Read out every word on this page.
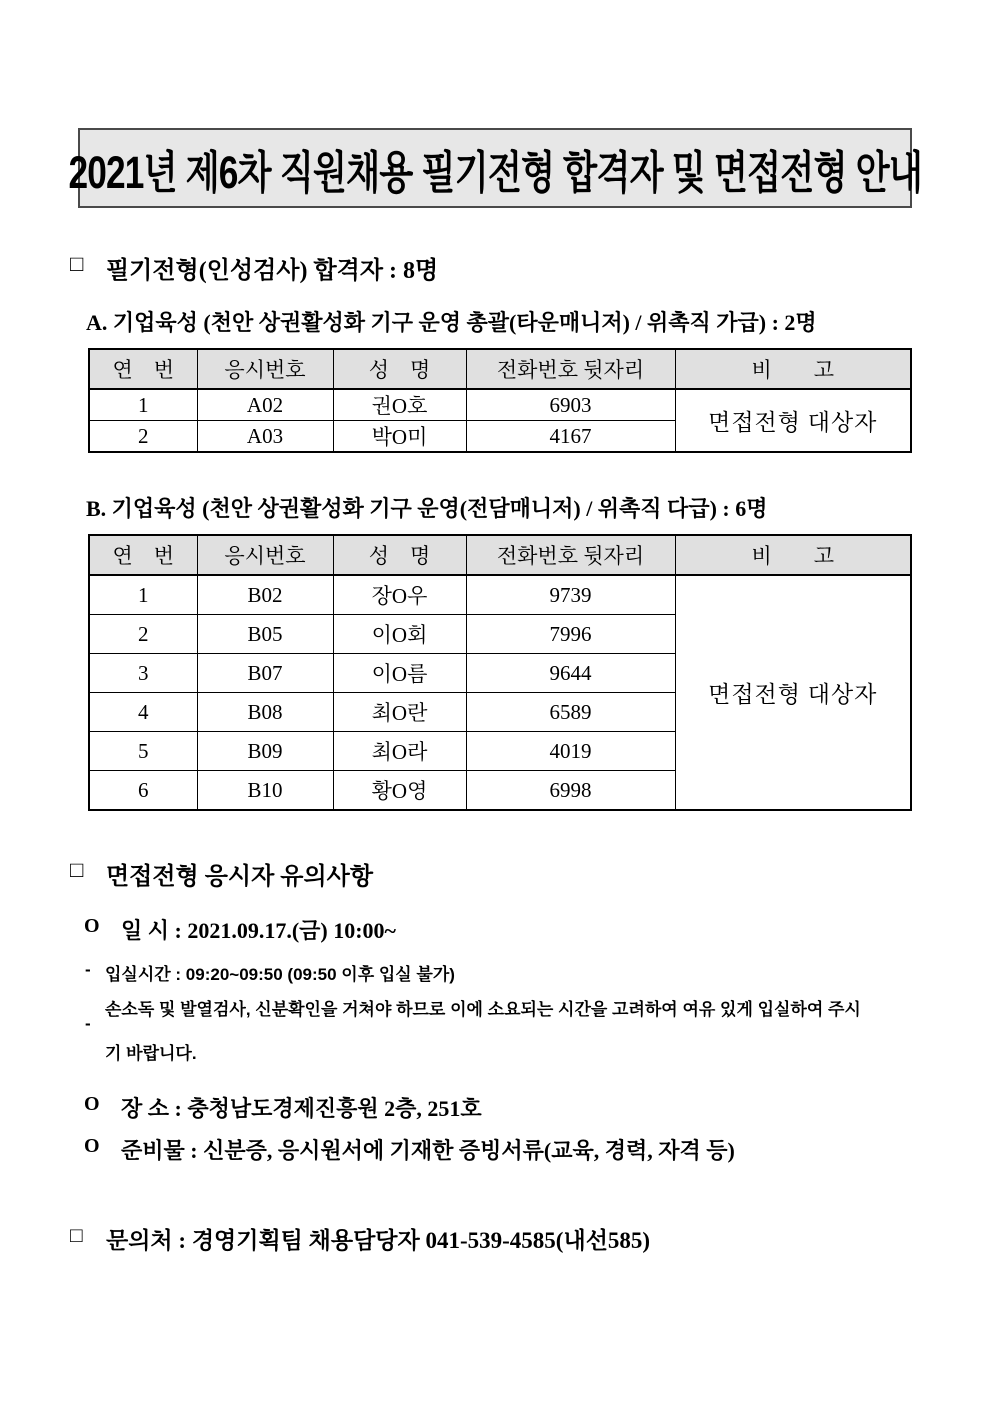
2021년 제6차 직원채용 필기전형 합격자 및 면접전형 안내
□ 필기전형(인성검사) 합격자 : 8명
A. 기업육성 (천안 상권활성화 기구 운영 총괄(타운매니저) / 위촉직 가급) : 2명
연　번	응시번호	성　명	전화번호 뒷자리	비　　고
1	A02	권O호	6903	면접전형 대상자
2	A03	박O미	4167	
B. 기업육성 (천안 상권활성화 기구 운영(전담매니저) / 위촉직 다급) : 6명
연　번	응시번호	성　명	전화번호 뒷자리	비　　고
1	B02	장O우	9739	면접전형 대상자
2	B05	이O회	7996	
3	B07	이O름	9644	
4	B08	최O란	6589	
5	B09	최O라	4019	
6	B10	황O영	6998	
□ 면접전형 응시자 유의사항
O 일 시 : 2021.09.17.(금) 10:00~
- 입실시간 : 09:20~09:50 (09:50 이후 입실 불가)
-
손소독 및 발열검사, 신분확인을 거쳐야 하므로 이에 소요되는 시간을 고려하여 여유 있게 입실하여 주시기 바랍니다.
O 장 소 : 충청남도경제진흥원 2층, 251호
O 준비물 : 신분증, 응시원서에 기재한 증빙서류(교육, 경력, 자격 등)
□	문의처 : 경영기획팀 채용담당자 041-539-4585(내선585)
